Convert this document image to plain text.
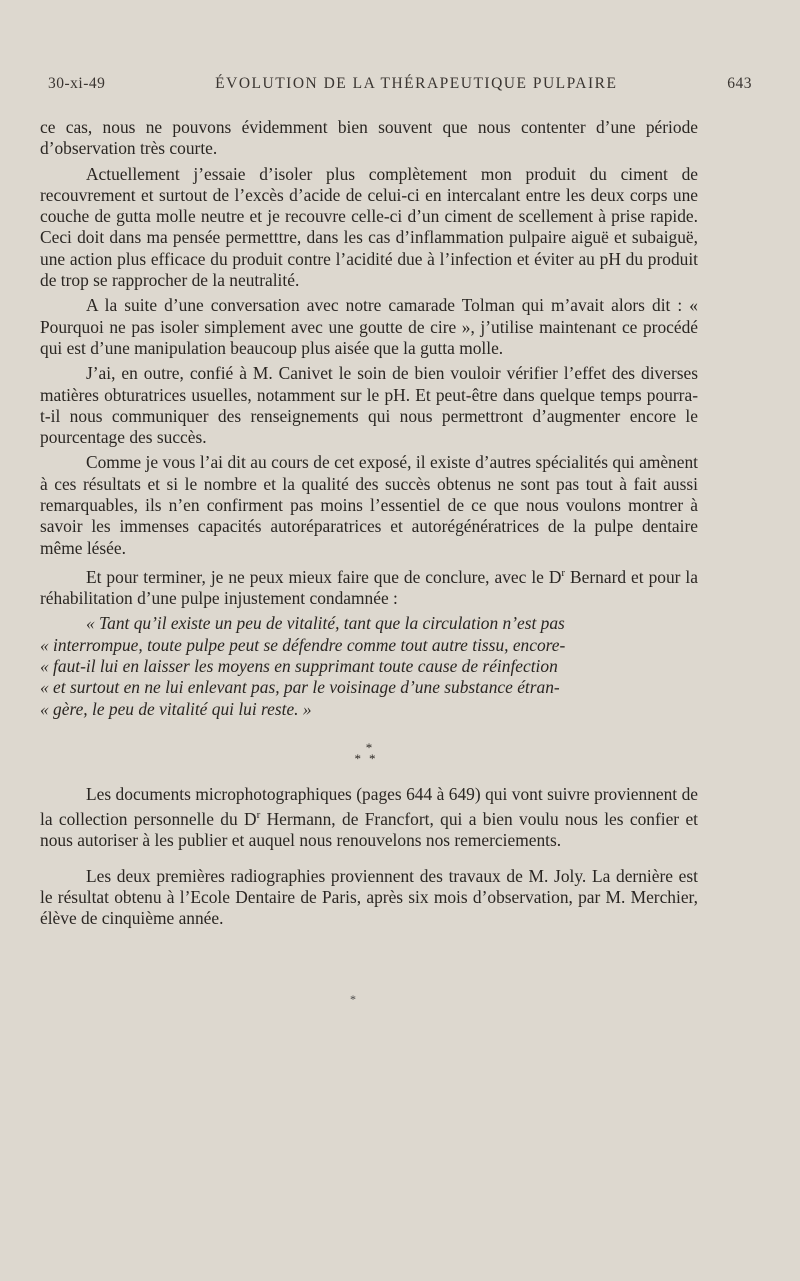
30-xi-49	ÉVOLUTION DE LA THÉRAPEUTIQUE PULPAIRE	643

ce cas, nous ne pouvons évidemment bien souvent que nous contenter d’une période d’observation très courte.

Actuellement j’essaie d’isoler plus complètement mon produit du ciment de recouvrement et surtout de l’excès d’acide de celui-ci en intercalant entre les deux corps une couche de gutta molle neutre et je recouvre celle-ci d’un ciment de scellement à prise rapide. Ceci doit dans ma pensée permetttre, dans les cas d’inflammation pulpaire aiguë et subaiguë, une action plus efficace du produit contre l’acidité due à l’infection et éviter au pH du produit de trop se rapprocher de la neutralité.

A la suite d’une conversation avec notre camarade Tolman qui m’avait alors dit : « Pourquoi ne pas isoler simplement avec une goutte de cire », j’utilise maintenant ce procédé qui est d’une manipulation beaucoup plus aisée que la gutta molle.

J’ai, en outre, confié à M. Canivet le soin de bien vouloir vérifier l’effet des diverses matières obturatrices usuelles, notamment sur le pH. Et peut-être dans quelque temps pourra-t-il nous communiquer des renseignements qui nous permettront d’augmenter encore le pourcentage des succès.

Comme je vous l’ai dit au cours de cet exposé, il existe d’autres spécialités qui amènent à ces résultats et si le nombre et la qualité des succès obtenus ne sont pas tout à fait aussi remarquables, ils n’en confirment pas moins l’essentiel de ce que nous voulons montrer à savoir les immenses capacités autoréparatrices et autorégénératrices de la pulpe dentaire même lésée.

Et pour terminer, je ne peux mieux faire que de conclure, avec le $D^r$ Bernard et pour la réhabilitation d’une pulpe injustement condamnée :

« Tant qu’il existe un peu de vitalité, tant que la circulation n’est pas

« interrompue, toute pulpe peut se défendre comme tout autre tissu, encore-

« faut-il lui en laisser les moyens en supprimant toute cause de réinfection

« et surtout en ne lui enlevant pas, par le voisinage d’une substance étran-

« gère, le peu de vitalité qui lui reste. »

*
**

Les documents microphotographiques (pages 644 à 649) qui vont suivre proviennent de la collection personnelle du $D^r$ Hermann, de Francfort, qui a bien voulu nous les confier et nous autoriser à les publier et auquel nous renouvelons nos remerciements.

Les deux premières radiographies proviennent des travaux de M. Joly. La dernière est le résultat obtenu à l’Ecole Dentaire de Paris, après six mois d’observation, par M. Merchier, élève de cinquième année.

*
